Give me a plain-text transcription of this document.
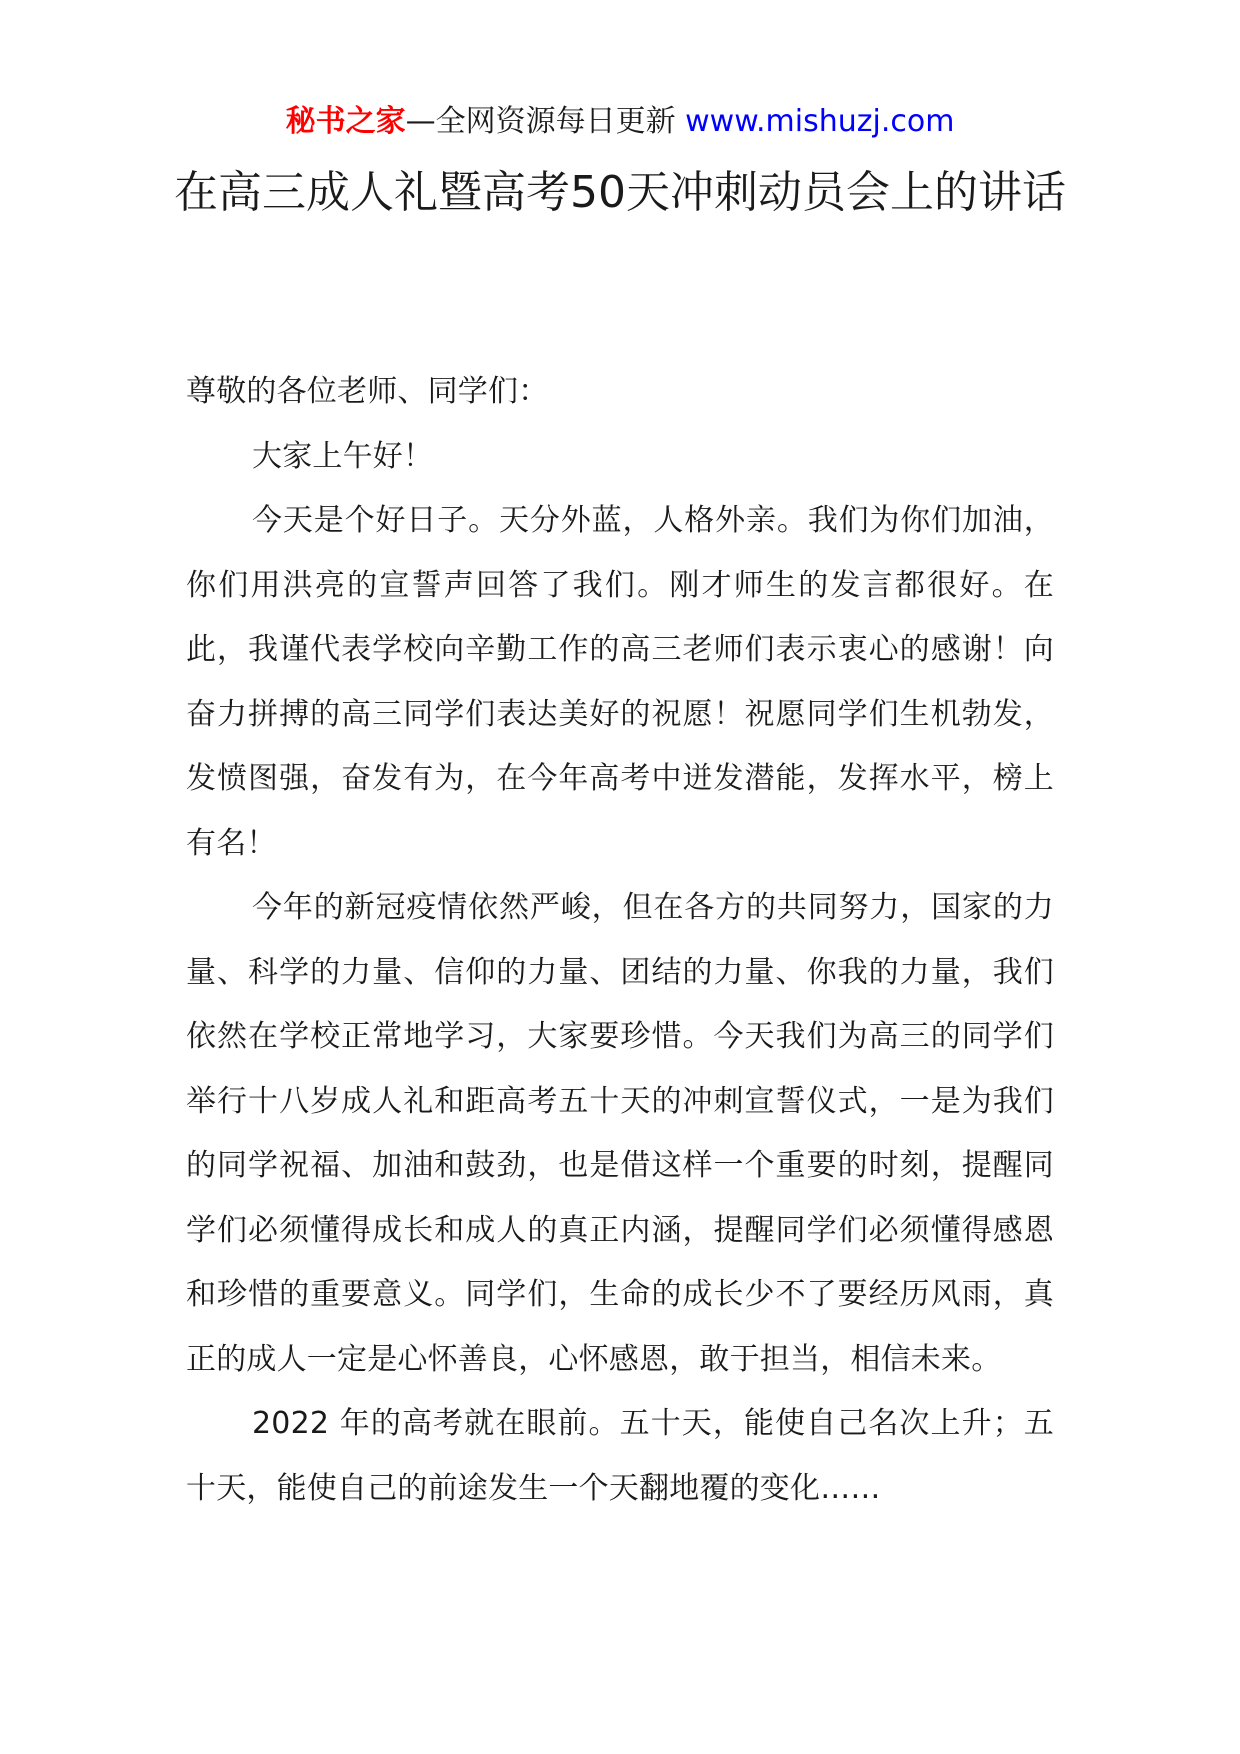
秘书之家—全网资源每日更新 www.mishuzj.com
在高三成人礼暨高考50天冲刺动员会上的讲话

尊敬的各位老师、同学们：

大家上午好！

今天是个好日子。天分外蓝，人格外亲。我们为你们加油，你们用洪亮的宣誓声回答了我们。刚才师生的发言都很好。在此，我谨代表学校向辛勤工作的高三老师们表示衷心的感谢！向奋力拼搏的高三同学们表达美好的祝愿！祝愿同学们生机勃发，发愤图强，奋发有为，在今年高考中迸发潜能，发挥水平，榜上有名！

今年的新冠疫情依然严峻，但在各方的共同努力，国家的力量、科学的力量、信仰的力量、团结的力量、你我的力量，我们依然在学校正常地学习，大家要珍惜。今天我们为高三的同学们举行十八岁成人礼和距高考五十天的冲刺宣誓仪式，一是为我们的同学祝福、加油和鼓劲，也是借这样一个重要的时刻，提醒同学们必须懂得成长和成人的真正内涵，提醒同学们必须懂得感恩和珍惜的重要意义。同学们，生命的成长少不了要经历风雨，真正的成人一定是心怀善良，心怀感恩，敢于担当，相信未来。

2022 年的高考就在眼前。五十天，能使自己名次上升；五十天，能使自己的前途发生一个天翻地覆的变化……
